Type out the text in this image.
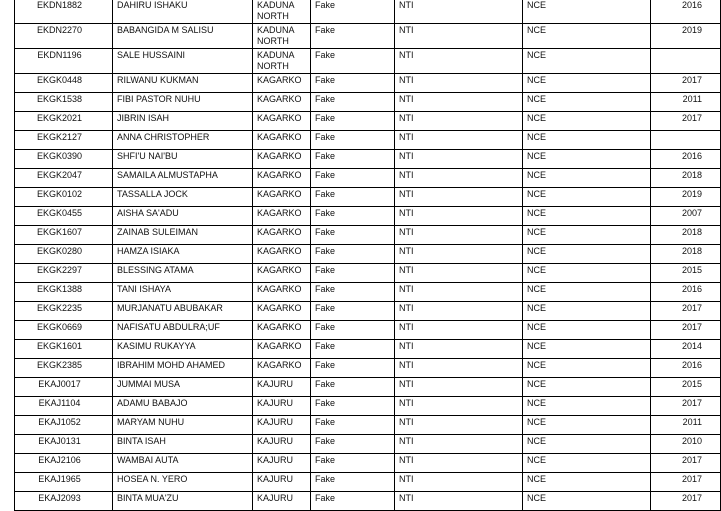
EKDN1882	DAHIRU ISHAKU	KADUNA NORTH	Fake	NTI	NCE	2016
EKDN2270	BABANGIDA M SALISU	KADUNA NORTH	Fake	NTI	NCE	2019
EKDN1196	SALE HUSSAINI	KADUNA NORTH	Fake	NTI	NCE	
EKGK0448	RILWANU KUKMAN	KAGARKO	Fake	NTI	NCE	2017
EKGK1538	FIBI PASTOR NUHU	KAGARKO	Fake	NTI	NCE	2011
EKGK2021	JIBRIN ISAH	KAGARKO	Fake	NTI	NCE	2017
EKGK2127	ANNA CHRISTOPHER	KAGARKO	Fake	NTI	NCE	
EKGK0390	SHFI'U NAI'BU	KAGARKO	Fake	NTI	NCE	2016
EKGK2047	SAMAILA ALMUSTAPHA	KAGARKO	Fake	NTI	NCE	2018
EKGK0102	TASSALLA JOCK	KAGARKO	Fake	NTI	NCE	2019
EKGK0455	AISHA SA'ADU	KAGARKO	Fake	NTI	NCE	2007
EKGK1607	ZAINAB SULEIMAN	KAGARKO	Fake	NTI	NCE	2018
EKGK0280	HAMZA ISIAKA	KAGARKO	Fake	NTI	NCE	2018
EKGK2297	BLESSING ATAMA	KAGARKO	Fake	NTI	NCE	2015
EKGK1388	TANI ISHAYA	KAGARKO	Fake	NTI	NCE	2016
EKGK2235	MURJANATU ABUBAKAR	KAGARKO	Fake	NTI	NCE	2017
EKGK0669	NAFISATU ABDULRA;UF	KAGARKO	Fake	NTI	NCE	2017
EKGK1601	KASIMU RUKAYYA	KAGARKO	Fake	NTI	NCE	2014
EKGK2385	IBRAHIM MOHD AHAMED	KAGARKO	Fake	NTI	NCE	2016
EKAJ0017	JUMMAI MUSA	KAJURU	Fake	NTI	NCE	2015
EKAJ1104	ADAMU BABAJO	KAJURU	Fake	NTI	NCE	2017
EKAJ1052	MARYAM NUHU	KAJURU	Fake	NTI	NCE	2011
EKAJ0131	BINTA ISAH	KAJURU	Fake	NTI	NCE	2010
EKAJ2106	WAMBAI AUTA	KAJURU	Fake	NTI	NCE	2017
EKAJ1965	HOSEA N. YERO	KAJURU	Fake	NTI	NCE	2017
EKAJ2093	BINTA MUA'ZU	KAJURU	Fake	NTI	NCE	2017
